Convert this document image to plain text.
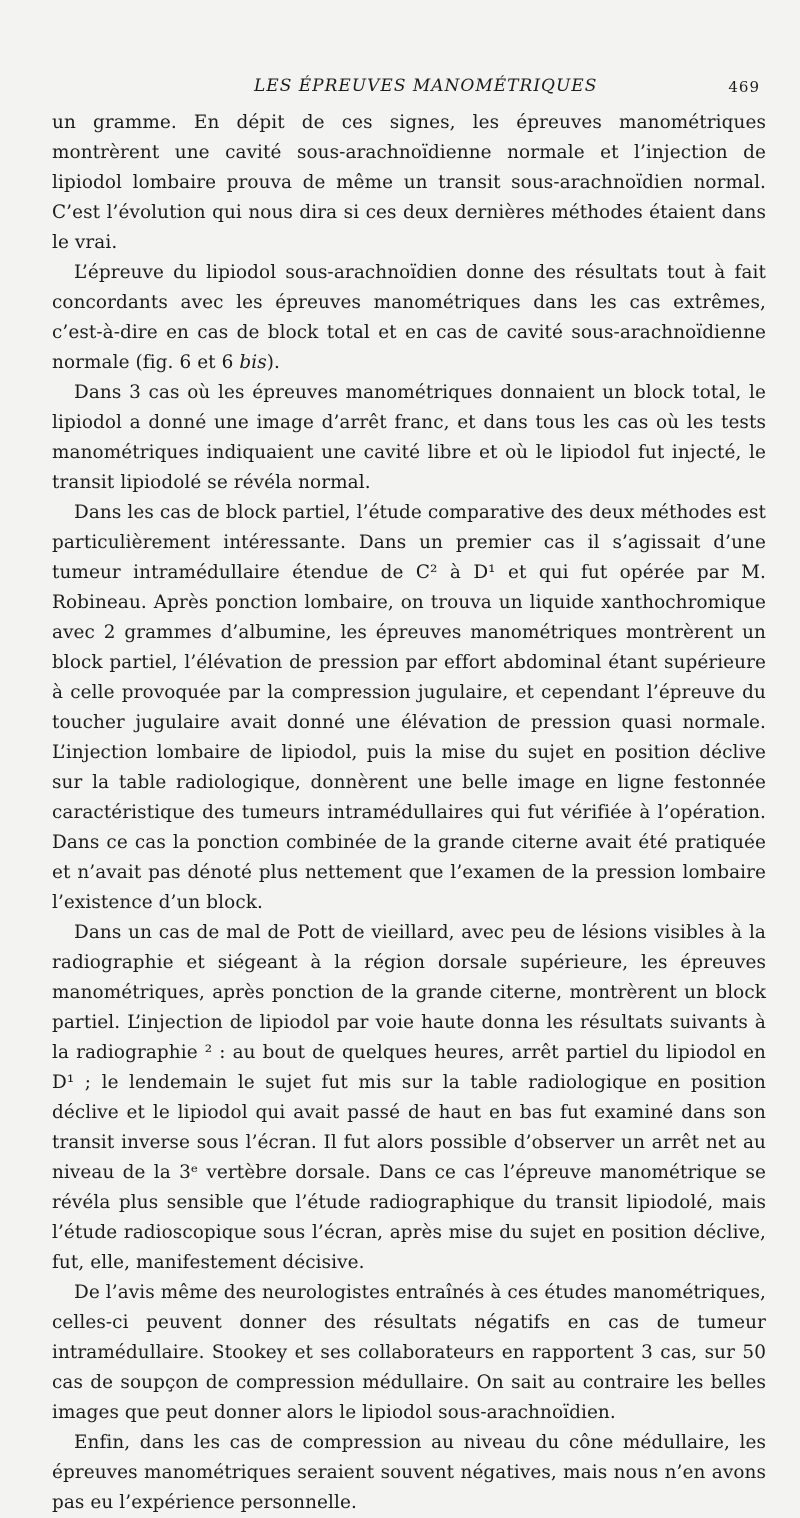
LES ÉPREUVES MANOMÉTRIQUES	469

un gramme. En dépit de ces signes, les épreuves manométriques montrèrent une cavité sous-arachnoïdienne normale et l’injection de lipiodol lombaire prouva de même un transit sous-arachnoïdien normal. C’est l’évolution qui nous dira si ces deux dernières méthodes étaient dans le vrai.

L’épreuve du lipiodol sous-arachnoïdien donne des résultats tout à fait concordants avec les épreuves manométriques dans les cas extrêmes, c’est-à-dire en cas de block total et en cas de cavité sous-arachnoïdienne normale (fig. 6 et 6 bis).

Dans 3 cas où les épreuves manométriques donnaient un block total, le lipiodol a donné une image d’arrêt franc, et dans tous les cas où les tests manométriques indiquaient une cavité libre et où le lipiodol fut injecté, le transit lipiodolé se révéla normal.

Dans les cas de block partiel, l’étude comparative des deux méthodes est particulièrement intéressante. Dans un premier cas il s’agissait d’une tumeur intramédullaire étendue de C² à D¹ et qui fut opérée par M. Robineau. Après ponction lombaire, on trouva un liquide xanthochromique avec 2 grammes d’albumine, les épreuves manométriques montrèrent un block partiel, l’élévation de pression par effort abdominal étant supérieure à celle provoquée par la compression jugulaire, et cependant l’épreuve du toucher jugulaire avait donné une élévation de pression quasi normale. L’injection lombaire de lipiodol, puis la mise du sujet en position déclive sur la table radiologique, donnèrent une belle image en ligne festonnée caractéristique des tumeurs intramédullaires qui fut vérifiée à l’opération. Dans ce cas la ponction combinée de la grande citerne avait été pratiquée et n’avait pas dénoté plus nettement que l’examen de la pression lombaire l’existence d’un block.

Dans un cas de mal de Pott de vieillard, avec peu de lésions visibles à la radiographie et siégeant à la région dorsale supérieure, les épreuves manométriques, après ponction de la grande citerne, montrèrent un block partiel. L’injection de lipiodol par voie haute donna les résultats suivants à la radiographie ² : au bout de quelques heures, arrêt partiel du lipiodol en D¹ ; le lendemain le sujet fut mis sur la table radiologique en position déclive et le lipiodol qui avait passé de haut en bas fut examiné dans son transit inverse sous l’écran. Il fut alors possible d’observer un arrêt net au niveau de la 3ᵉ vertèbre dorsale. Dans ce cas l’épreuve manométrique se révéla plus sensible que l’étude radiographique du transit lipiodolé, mais l’étude radioscopique sous l’écran, après mise du sujet en position déclive, fut, elle, manifestement décisive.

De l’avis même des neurologistes entraînés à ces études manométriques, celles-ci peuvent donner des résultats négatifs en cas de tumeur intramédullaire. Stookey et ses collaborateurs en rapportent 3 cas, sur 50 cas de soupçon de compression médullaire. On sait au contraire les belles images que peut donner alors le lipiodol sous-arachnoïdien.

Enfin, dans les cas de compression au niveau du cône médullaire, les épreuves manométriques seraient souvent négatives, mais nous n’en avons pas eu l’expérience personnelle.
